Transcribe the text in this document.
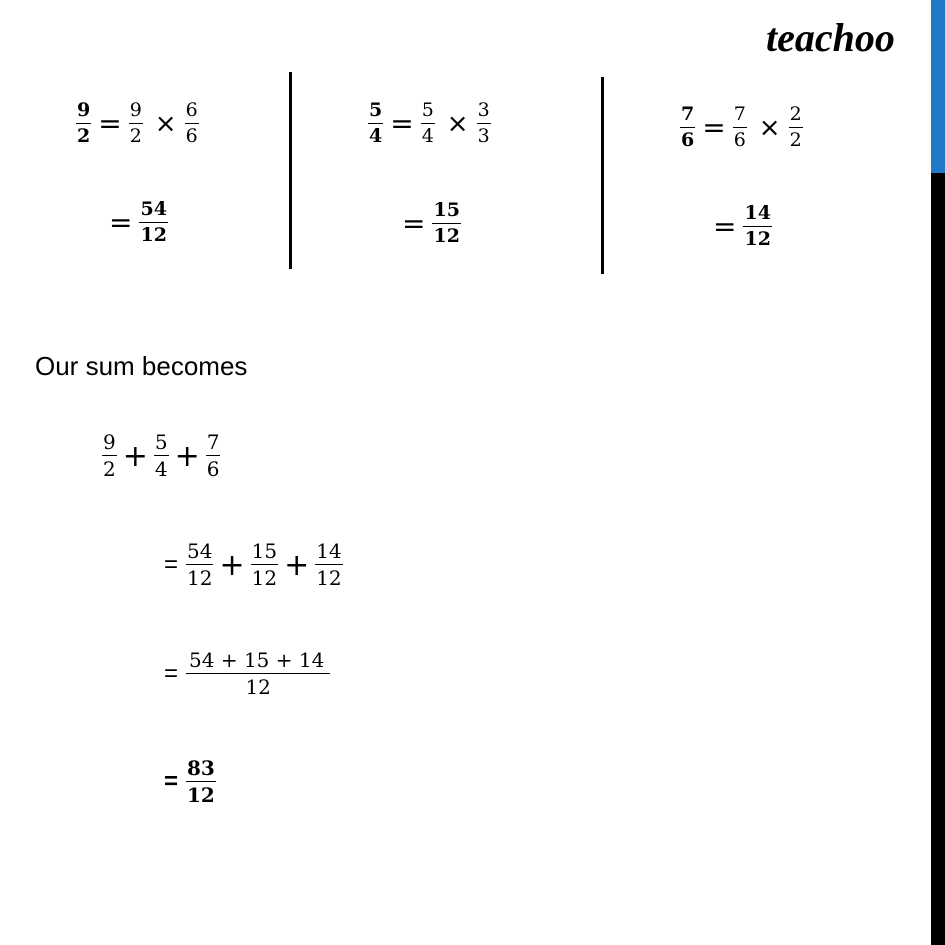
teachoo
$\frac{9}{2} = \frac{9}{2} \times \frac{6}{6}$
= $\frac{54}{12}$
$\frac{5}{4} = \frac{5}{4} \times \frac{3}{3}$
= $\frac{15}{12}$
$\frac{7}{6} = \frac{7}{6} \times \frac{2}{2}$
= $\frac{14}{12}$
Our sum becomes
$\frac{9}{2} + \frac{5}{4} + \frac{7}{6}$
= $\frac{54}{12} + \frac{15}{12} + \frac{14}{12}$
= $\frac{54 + 15 + 14}{12}$
= $\frac{83}{12}$
